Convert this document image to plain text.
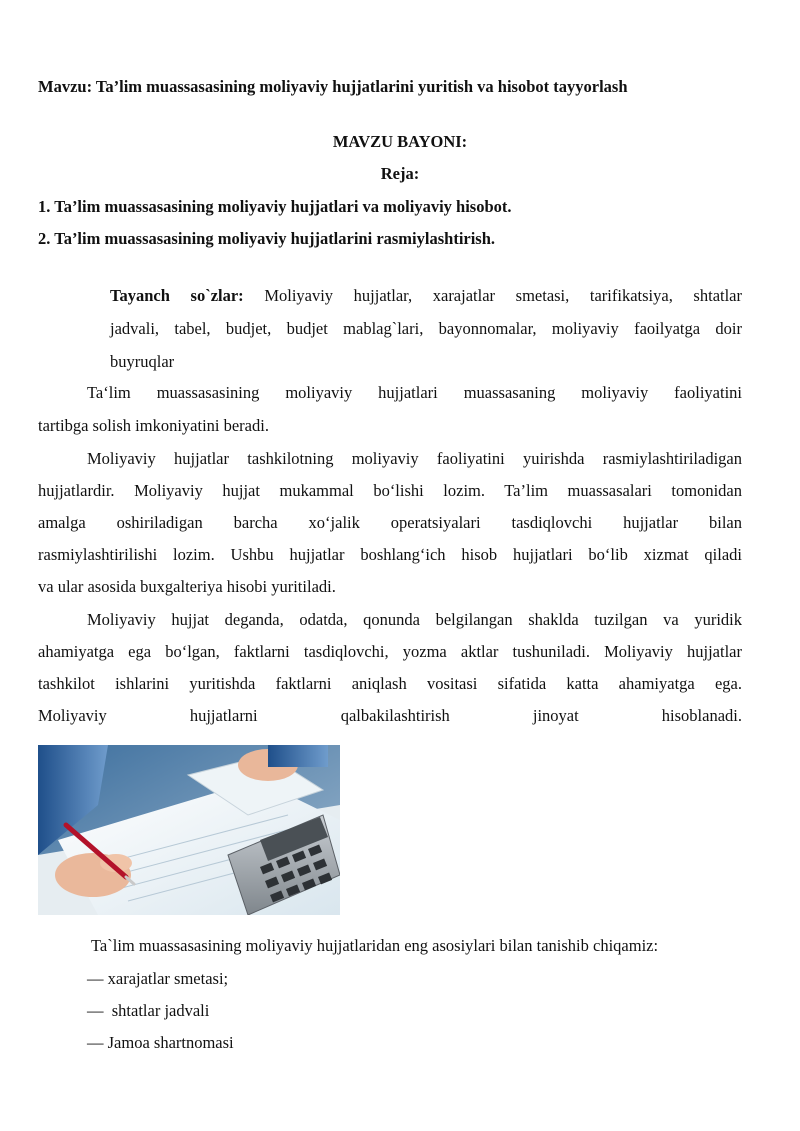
Mavzu: Ta’lim muassasasining moliyaviy hujjatlarini yuritish va hisobot tayyorlash
MAVZU BAYONI:
Reja:
1. Ta’lim muassasasining moliyaviy hujjatlari va moliyaviy hisobot.
2. Ta’lim muassasasining moliyaviy hujjatlarini rasmiylashtirish.
Tayanch so`zlar: Moliyaviy hujjatlar, xarajatlar smetasi, tarifikatsiya, shtatlar
jadvali, tabel, budjet, budjet mablag`lari, bayonnomalar, moliyaviy faoilyatga doir
buyruqlar
Ta‘lim muassasasining moliyaviy hujjatlari muassasaning moliyaviy faoliyatini
tartibga solish imkoniyatini beradi.
Moliyaviy hujjatlar tashkilotning moliyaviy faoliyatini yuirishda rasmiylashtiriladigan
hujjatlardir. Moliyaviy hujjat mukammal bo‘lishi lozim. Ta’lim muassasalari tomonidan
amalga oshiriladigan barcha xo‘jalik operatsiyalari tasdiqlovchi hujjatlar bilan
rasmiylashtirilishi lozim. Ushbu hujjatlar boshlang‘ich hisob hujjatlari bo‘lib xizmat qiladi
va ular asosida buxgalteriya hisobi yuritiladi.
Moliyaviy hujjat deganda, odatda, qonunda belgilangan shaklda tuzilgan va yuridik
ahamiyatga ega bo‘lgan, faktlarni tasdiqlovchi, yozma aktlar tushuniladi. Moliyaviy hujjatlar
tashkilot ishlarini yuritishda faktlarni aniqlash vositasi sifatida katta ahamiyatga ega.
Moliyaviy hujjatlarni qalbakilashtirish jinoyat hisoblanadi.
Ta`lim muassasasining moliyaviy hujjatlaridan eng asosiylari bilan tanishib chiqamiz:
— xarajatlar smetasi;
—  shtatlar jadvali
— Jamoa shartnomasi
